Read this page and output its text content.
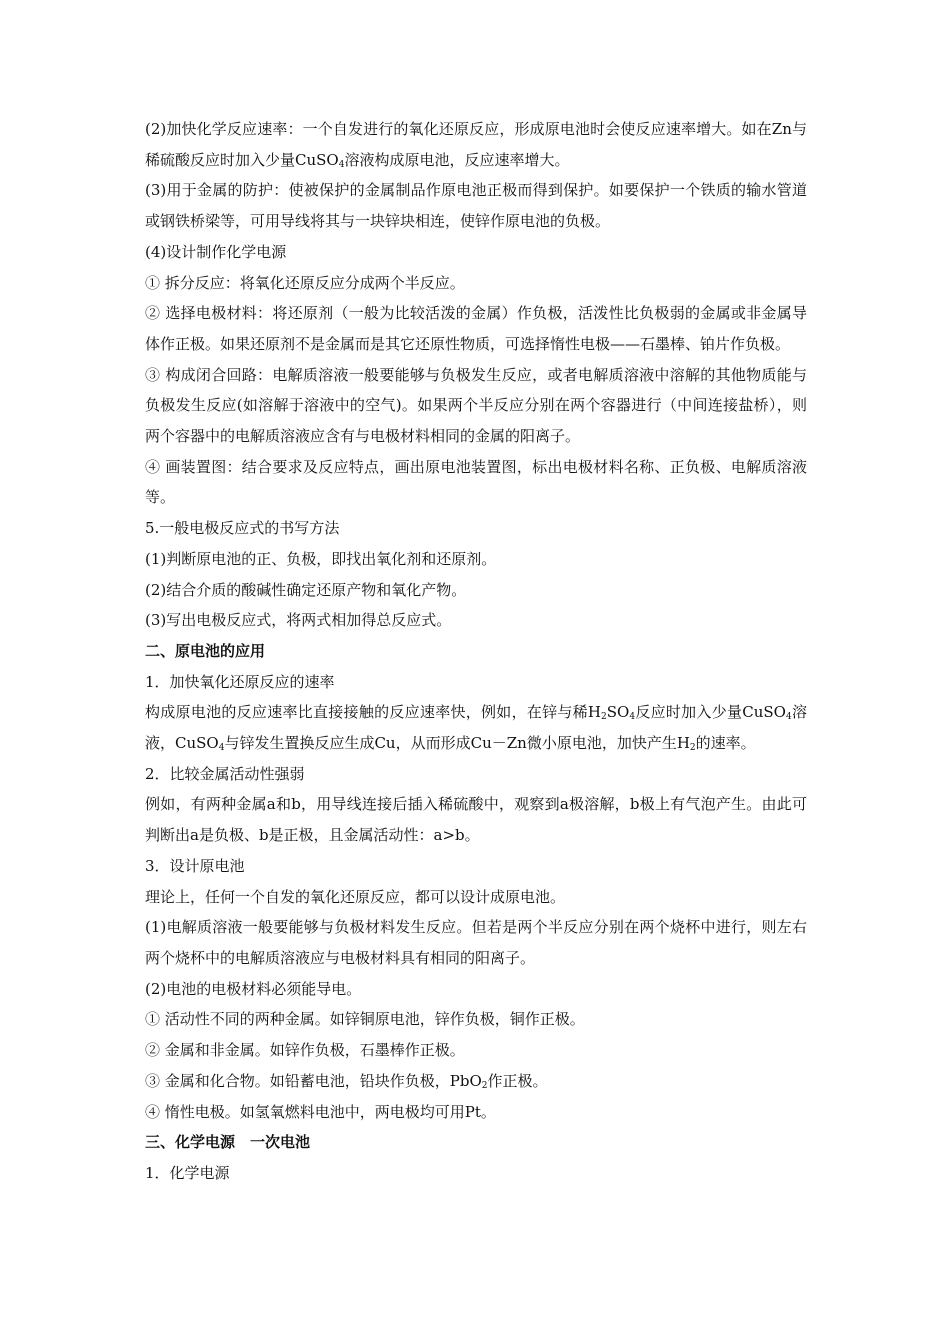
(2)加快化学反应速率：一个自发进行的氧化还原反应，形成原电池时会使反应速率增大。如在Zn与稀硫酸反应时加入少量CuSO$_4$溶液构成原电池，反应速率增大。

(3)用于金属的防护：使被保护的金属制品作原电池正极而得到保护。如要保护一个铁质的输水管道或钢铁桥梁等，可用导线将其与一块锌块相连，使锌作原电池的负极。

(4)设计制作化学电源

① 拆分反应：将氧化还原反应分成两个半反应。

② 选择电极材料：将还原剂（一般为比较活泼的金属）作负极，活泼性比负极弱的金属或非金属导体作正极。如果还原剂不是金属而是其它还原性物质，可选择惰性电极——石墨棒、铂片作负极。

③ 构成闭合回路：电解质溶液一般要能够与负极发生反应，或者电解质溶液中溶解的其他物质能与负极发生反应(如溶解于溶液中的空气)。如果两个半反应分别在两个容器进行（中间连接盐桥），则两个容器中的电解质溶液应含有与电极材料相同的金属的阳离子。

④ 画装置图：结合要求及反应特点，画出原电池装置图，标出电极材料名称、正负极、电解质溶液等。

5.一般电极反应式的书写方法

(1)判断原电池的正、负极，即找出氧化剂和还原剂。

(2)结合介质的酸碱性确定还原产物和氧化产物。

(3)写出电极反应式，将两式相加得总反应式。

二、原电池的应用

1．加快氧化还原反应的速率

构成原电池的反应速率比直接接触的反应速率快，例如，在锌与稀$H_2SO_4$反应时加入少量CuSO$_4$溶液，CuSO$_4$与锌发生置换反应生成Cu，从而形成Cu－Zn微小原电池，加快产生$H_2$的速率。

2．比较金属活动性强弱

例如，有两种金属a和b，用导线连接后插入稀硫酸中，观察到a极溶解，b极上有气泡产生。由此可判断出a是负极、b是正极，且金属活动性：a>b。

3．设计原电池

理论上，任何一个自发的氧化还原反应，都可以设计成原电池。

(1)电解质溶液一般要能够与负极材料发生反应。但若是两个半反应分别在两个烧杯中进行，则左右两个烧杯中的电解质溶液应与电极材料具有相同的阳离子。

(2)电池的电极材料必须能导电。

① 活动性不同的两种金属。如锌铜原电池，锌作负极，铜作正极。

② 金属和非金属。如锌作负极，石墨棒作正极。

③ 金属和化合物。如铅蓄电池，铅块作负极，PbO$_2$作正极。

④ 惰性电极。如氢氧燃料电池中，两电极均可用Pt。

三、化学电源　一次电池

1．化学电源
